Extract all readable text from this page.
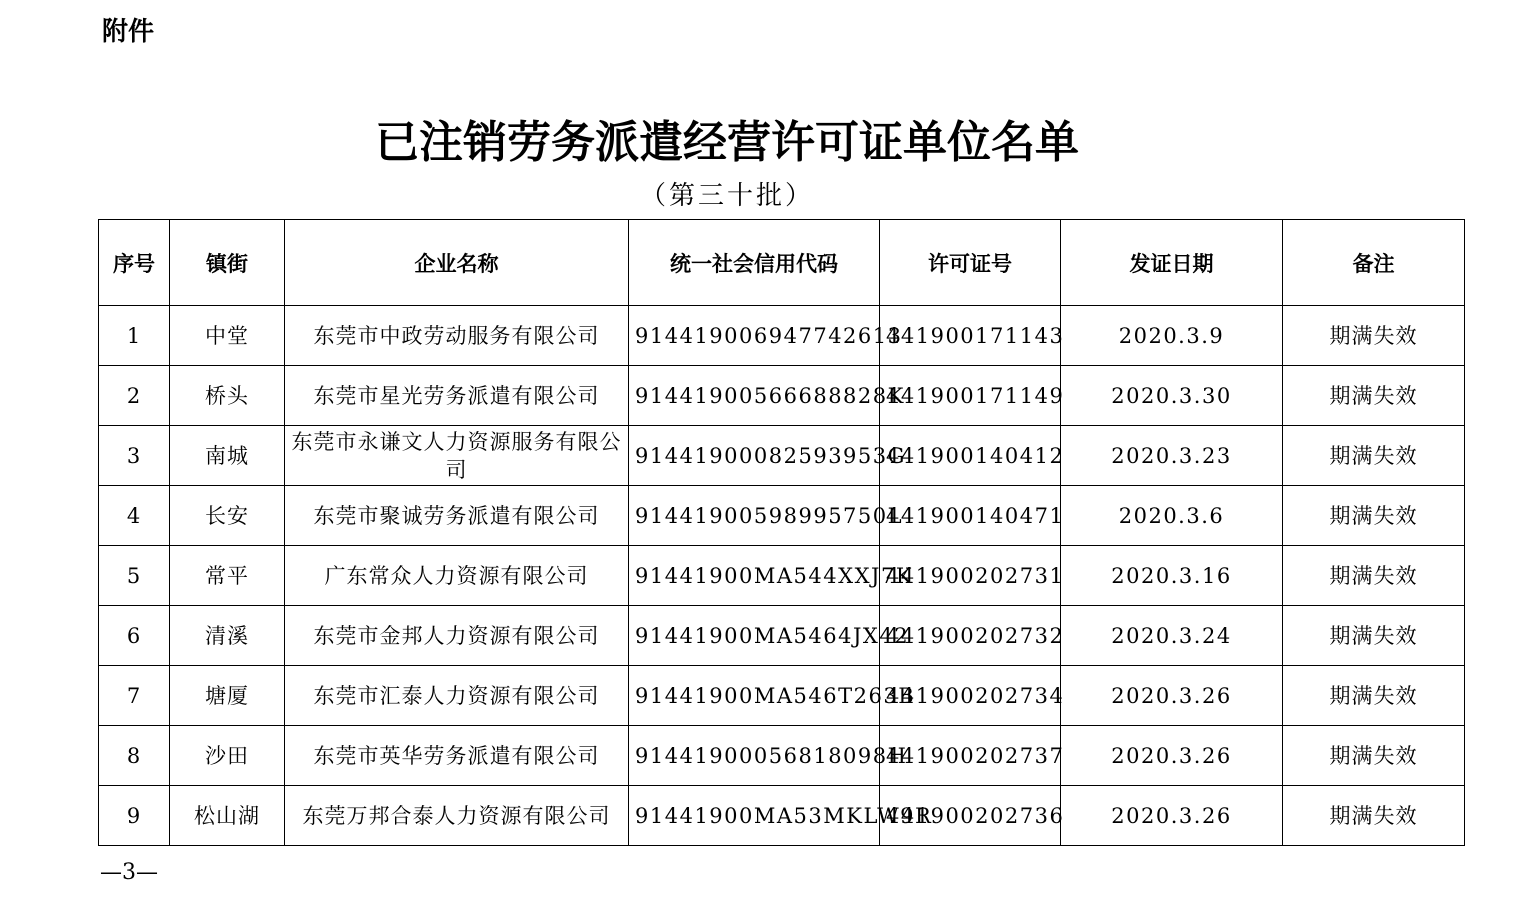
附件
已注销劳务派遣经营许可证单位名单
（第三十批）
序号	镇街	企业名称	统一社会信用代码	许可证号	发证日期	备注
1	中堂	东莞市中政劳动服务有限公司	914419006947742613	441900171143	2020.3.9	期满失效
2	桥头	东莞市星光劳务派遣有限公司	91441900566688828K	441900171149	2020.3.30	期满失效
3	南城	东莞市永谦文人力资源服务有限公司	91441900082593953G	441900140412	2020.3.23	期满失效
4	长安	东莞市聚诚劳务派遣有限公司	91441900598995750L	441900140471	2020.3.6	期满失效
5	常平	广东常众人力资源有限公司	91441900MA544XXJ7K	441900202731	2020.3.16	期满失效
6	清溪	东莞市金邦人力资源有限公司	91441900MA5464JX42	441900202732	2020.3.24	期满失效
7	塘厦	东莞市汇泰人力资源有限公司	91441900MA546T263B	441900202734	2020.3.26	期满失效
8	沙田	东莞市英华劳务派遣有限公司	91441900056818098H	441900202737	2020.3.26	期满失效
9	松山湖	东莞万邦合泰人力资源有限公司	91441900MA53MKLW9R	441900202736	2020.3.26	期满失效
—3—
